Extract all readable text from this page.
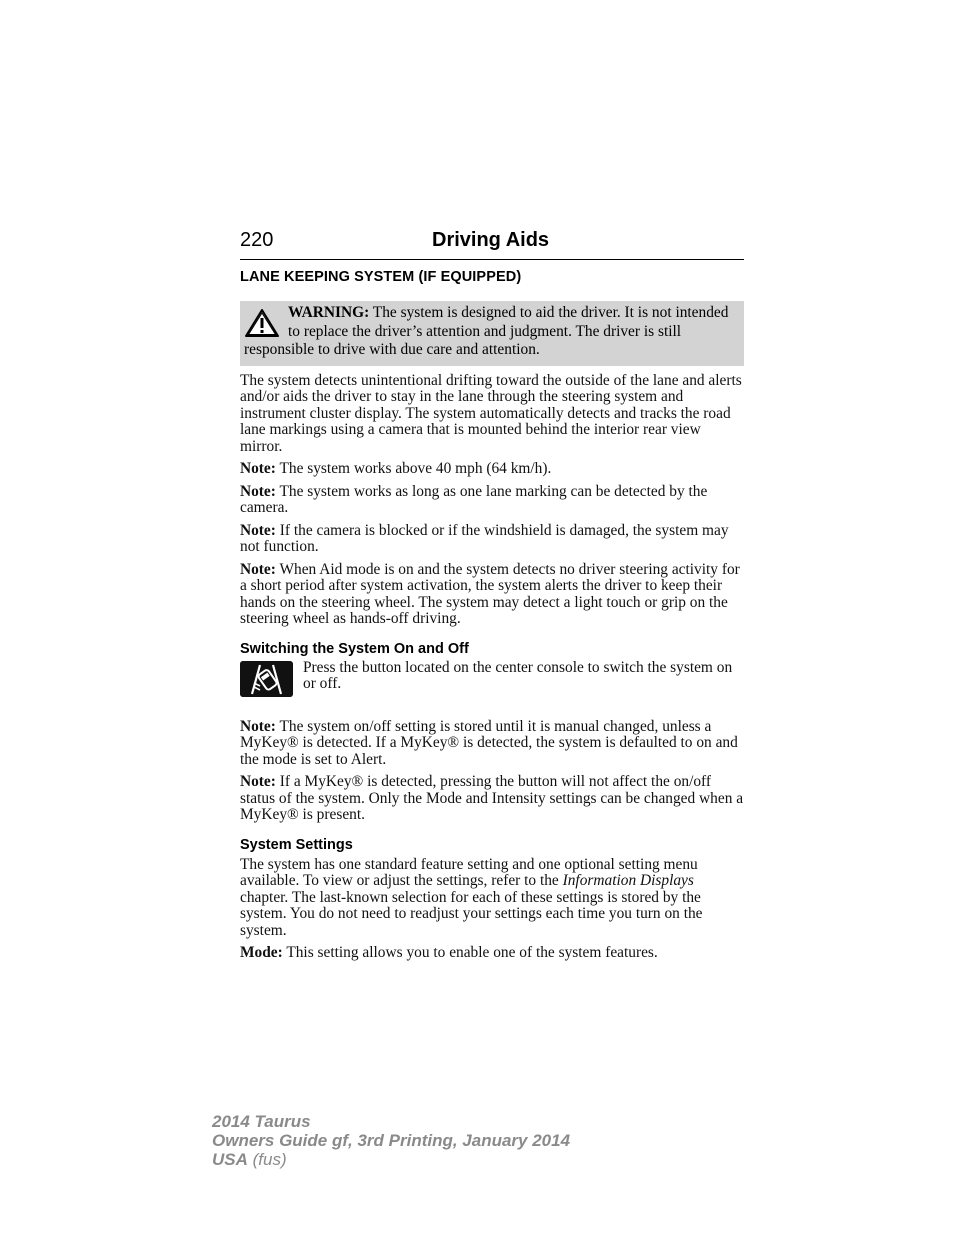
220	Driving Aids
LANE KEEPING SYSTEM (IF EQUIPPED)
WARNING: The system is designed to aid the driver. It is not intended to replace the driver’s attention and judgment. The driver is still responsible to drive with due care and attention.

The system detects unintentional drifting toward the outside of the lane and alerts and/or aids the driver to stay in the lane through the steering system and instrument cluster display. The system automatically detects and tracks the road lane markings using a camera that is mounted behind the interior rear view mirror.

Note: The system works above 40 mph (64 km/h).

Note: The system works as long as one lane marking can be detected by the camera.

Note: If the camera is blocked or if the windshield is damaged, the system may not function.

Note: When Aid mode is on and the system detects no driver steering activity for a short period after system activation, the system alerts the driver to keep their hands on the steering wheel. The system may detect a light touch or grip on the steering wheel as hands-off driving.

Switching the System On and Off

Press the button located on the center console to switch the system on or off.

Note: The system on/off setting is stored until it is manual changed, unless a MyKey® is detected. If a MyKey® is detected, the system is defaulted to on and the mode is set to Alert.

Note: If a MyKey® is detected, pressing the button will not affect the on/off status of the system. Only the Mode and Intensity settings can be changed when a MyKey® is present.

System Settings

The system has one standard feature setting and one optional setting menu available. To view or adjust the settings, refer to the Information Displays chapter. The last-known selection for each of these settings is stored by the system. You do not need to readjust your settings each time you turn on the system.

Mode: This setting allows you to enable one of the system features.

2014 Taurus
Owners Guide gf, 3rd Printing, January 2014
USA (fus)
